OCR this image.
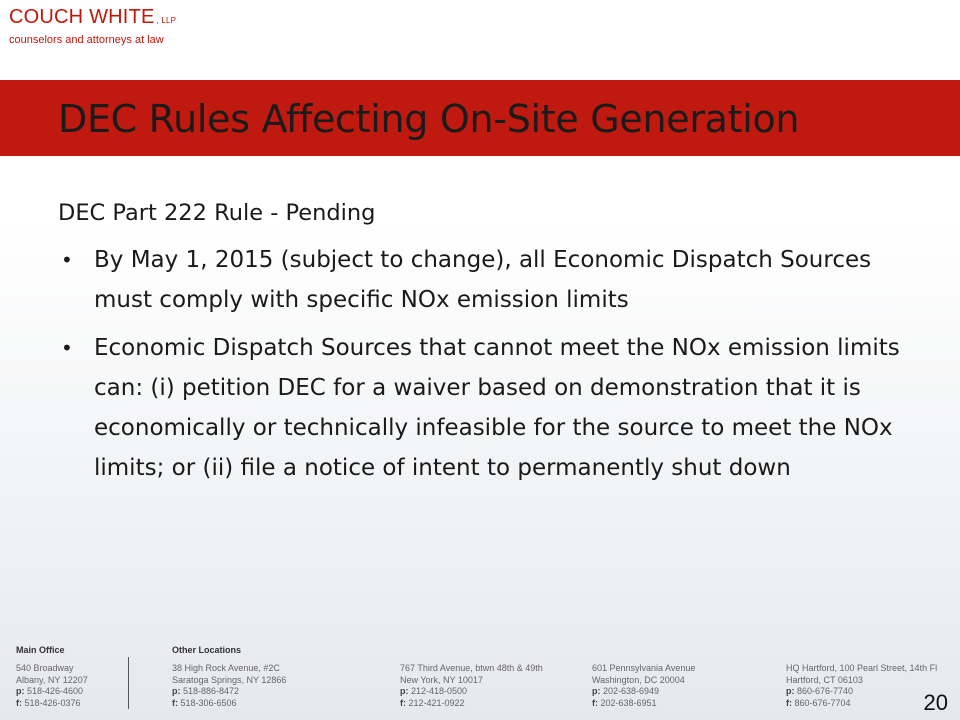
COUCH WHITE , LLP
counselors and attorneys at law
DEC Rules Affecting On-Site Generation
DEC Part 222 Rule - Pending
• By May 1, 2015 (subject to change), all Economic Dispatch Sources must comply with specific NOx emission limits
• Economic Dispatch Sources that cannot meet the NOx emission limits can: (i) petition DEC for a waiver based on demonstration that it is economically or technically infeasible for the source to meet the NOx limits; or (ii) file a notice of intent to permanently shut down
Main Office	Other Locations
540 Broadway
Albany, NY 12207
p: 518-426-4600
f: 518-426-0376
38 High Rock Avenue, #2C
Saratoga Springs, NY 12866
p: 518-886-8472
f: 518-306-6506
767 Third Avenue, btwn 48th & 49th
New York, NY 10017
p: 212-418-0500
f: 212-421-0922
601 Pennsylvania Avenue
Washington, DC 20004
p: 202-638-6949
f: 202-638-6951
HQ Hartford, 100 Pearl Street, 14th Fl
Hartford, CT 06103
p: 860-676-7740
f: 860-676-7704	20
